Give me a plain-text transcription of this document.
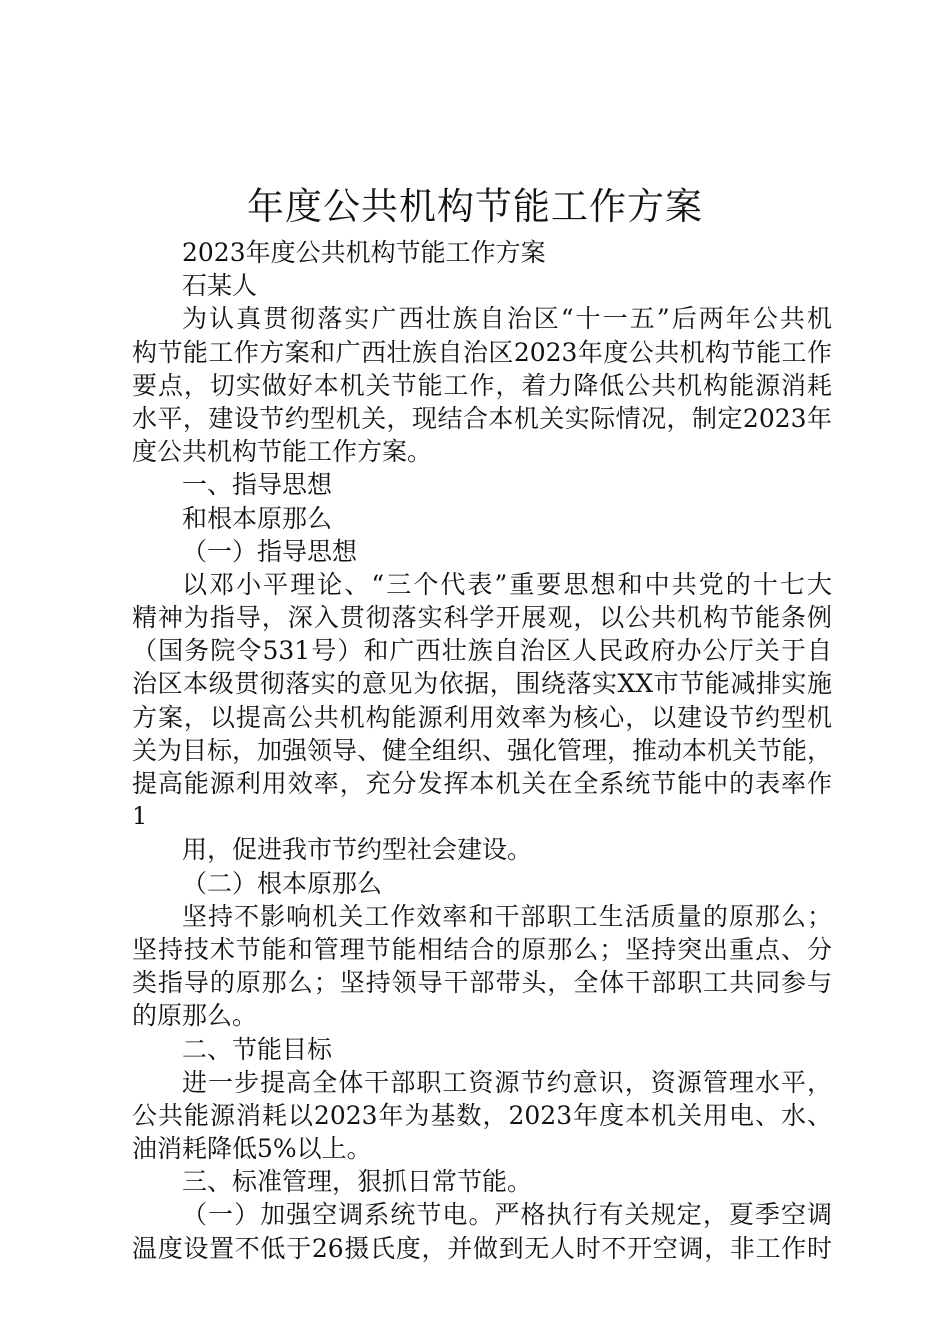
年度公共机构节能工作方案
2023年度公共机构节能工作方案
石某人
为认真贯彻落实广西壮族自治区“十一五”后两年公共机
构节能工作方案和广西壮族自治区2023年度公共机构节能工作
要点，切实做好本机关节能工作，着力降低公共机构能源消耗
水平，建设节约型机关，现结合本机关实际情况，制定2023年
度公共机构节能工作方案。
一、指导思想
和根本原那么
（一）指导思想
以邓小平理论、“三个代表”重要思想和中共党的十七大
精神为指导，深入贯彻落实科学开展观，以公共机构节能条例
（国务院令531号）和广西壮族自治区人民政府办公厅关于自
治区本级贯彻落实的意见为依据，围绕落实XX市节能减排实施
方案，以提高公共机构能源利用效率为核心，以建设节约型机
关为目标，加强领导、健全组织、强化管理，推动本机关节能，
提高能源利用效率，充分发挥本机关在全系统节能中的表率作
1
用，促进我市节约型社会建设。
（二）根本原那么
坚持不影响机关工作效率和干部职工生活质量的原那么；
坚持技术节能和管理节能相结合的原那么；坚持突出重点、分
类指导的原那么；坚持领导干部带头，全体干部职工共同参与
的原那么。
二、节能目标
进一步提高全体干部职工资源节约意识，资源管理水平，
公共能源消耗以2023年为基数，2023年度本机关用电、水、
油消耗降低5%以上。
三、标准管理，狠抓日常节能。
（一）加强空调系统节电。严格执行有关规定，夏季空调
温度设置不低于26摄氏度，并做到无人时不开空调，非工作时
